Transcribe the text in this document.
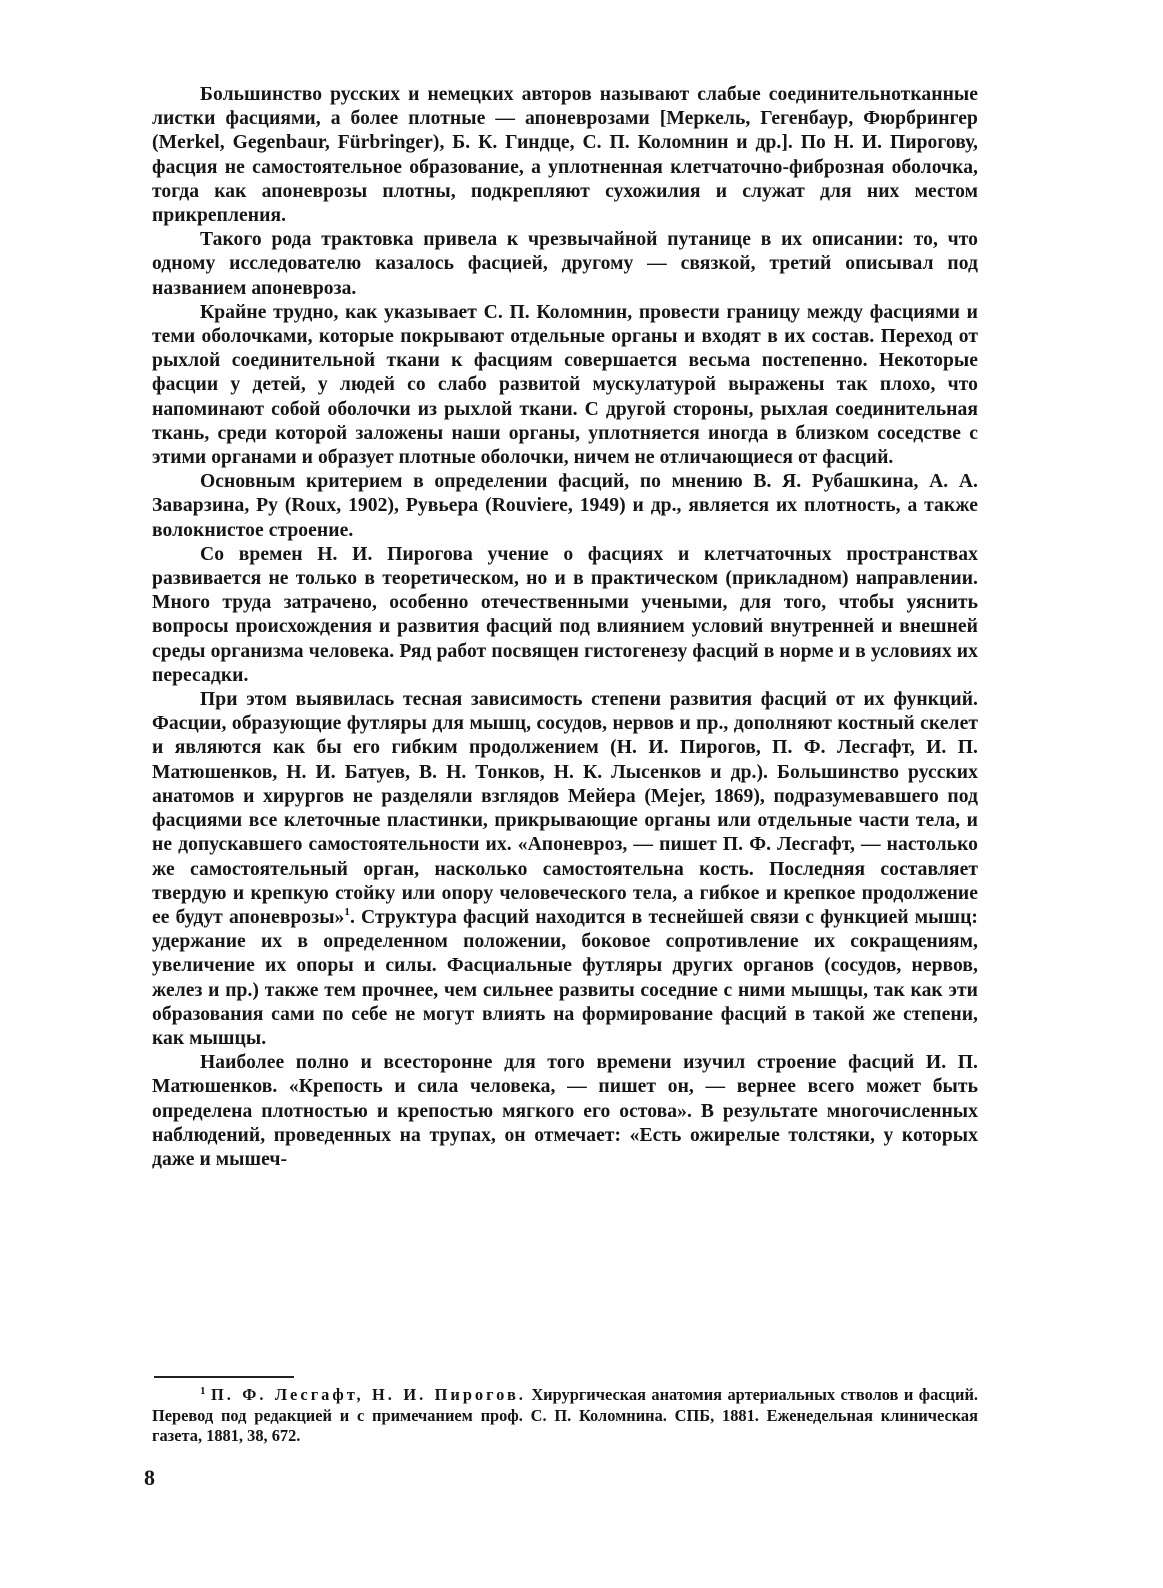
Большинство русских и немецких авторов называют слабые соединительнотканные листки фасциями, а более плотные — апоневрозами [Меркель, Гегенбаур, Фюрбрингер (Merkel, Gegenbaur, Fürbringer), Б. К. Гиндце, С. П. Коломнин и др.]. По Н. И. Пирогову, фасция не самостоятельное образование, а уплотненная клетчаточно-фиброзная оболочка, тогда как апоневрозы плотны, подкрепляют сухожилия и служат для них местом прикрепления.

Такого рода трактовка привела к чрезвычайной путанице в их описании: то, что одному исследователю казалось фасцией, другому — связкой, третий описывал под названием апоневроза.

Крайне трудно, как указывает С. П. Коломнин, провести границу между фасциями и теми оболочками, которые покрывают отдельные органы и входят в их состав. Переход от рыхлой соединительной ткани к фасциям совершается весьма постепенно. Некоторые фасции у детей, у людей со слабо развитой мускулатурой выражены так плохо, что напоминают собой оболочки из рыхлой ткани. С другой стороны, рыхлая соединительная ткань, среди которой заложены наши органы, уплотняется иногда в близком соседстве с этими органами и образует плотные оболочки, ничем не отличающиеся от фасций.

Основным критерием в определении фасций, по мнению В. Я. Рубашкина, А. А. Заварзина, Ру (Roux, 1902), Рувьера (Rouviere, 1949) и др., является их плотность, а также волокнистое строение.

Со времен Н. И. Пирогова учение о фасциях и клетчаточных пространствах развивается не только в теоретическом, но и в практическом (прикладном) направлении. Много труда затрачено, особенно отечественными учеными, для того, чтобы уяснить вопросы происхождения и развития фасций под влиянием условий внутренней и внешней среды организма человека. Ряд работ посвящен гистогенезу фасций в норме и в условиях их пересадки.

При этом выявилась тесная зависимость степени развития фасций от их функций. Фасции, образующие футляры для мышц, сосудов, нервов и пр., дополняют костный скелет и являются как бы его гибким продолжением (Н. И. Пирогов, П. Ф. Лесгафт, И. П. Матюшенков, Н. И. Батуев, В. Н. Тонков, Н. К. Лысенков и др.). Большинство русских анатомов и хирургов не разделяли взглядов Мейера (Mejer, 1869), подразумевавшего под фасциями все клеточные пластинки, прикрывающие органы или отдельные части тела, и не допускавшего самостоятельности их. «Апоневроз, — пишет П. Ф. Лесгафт, — настолько же самостоятельный орган, насколько самостоятельна кость. Последняя составляет твердую и крепкую стойку или опору человеческого тела, а гибкое и крепкое продолжение ее будут апоневрозы»$^1$. Структура фасций находится в теснейшей связи с функцией мышц: удержание их в определенном положении, боковое сопротивление их сокращениям, увеличение их опоры и силы. Фасциальные футляры других органов (сосудов, нервов, желез и пр.) также тем прочнее, чем сильнее развиты соседние с ними мышцы, так как эти образования сами по себе не могут влиять на формирование фасций в такой же степени, как мышцы.

Наиболее полно и всесторонне для того времени изучил строение фасций И. П. Матюшенков. «Крепость и сила человека, — пишет он, — вернее всего может быть определена плотностью и крепостью мягкого его остова». В результате многочисленных наблюдений, проведенных на трупах, он отмечает: «Есть ожирелые толстяки, у которых даже и мышеч-

$^1$ П. Ф. Лесгафт, Н. И. Пирогов. Хирургическая анатомия артериальных стволов и фасций. Перевод под редакцией и с примечанием проф. С. П. Коломнина. СПБ, 1881. Еженедельная клиническая газета, 1881, 38, 672.

8
